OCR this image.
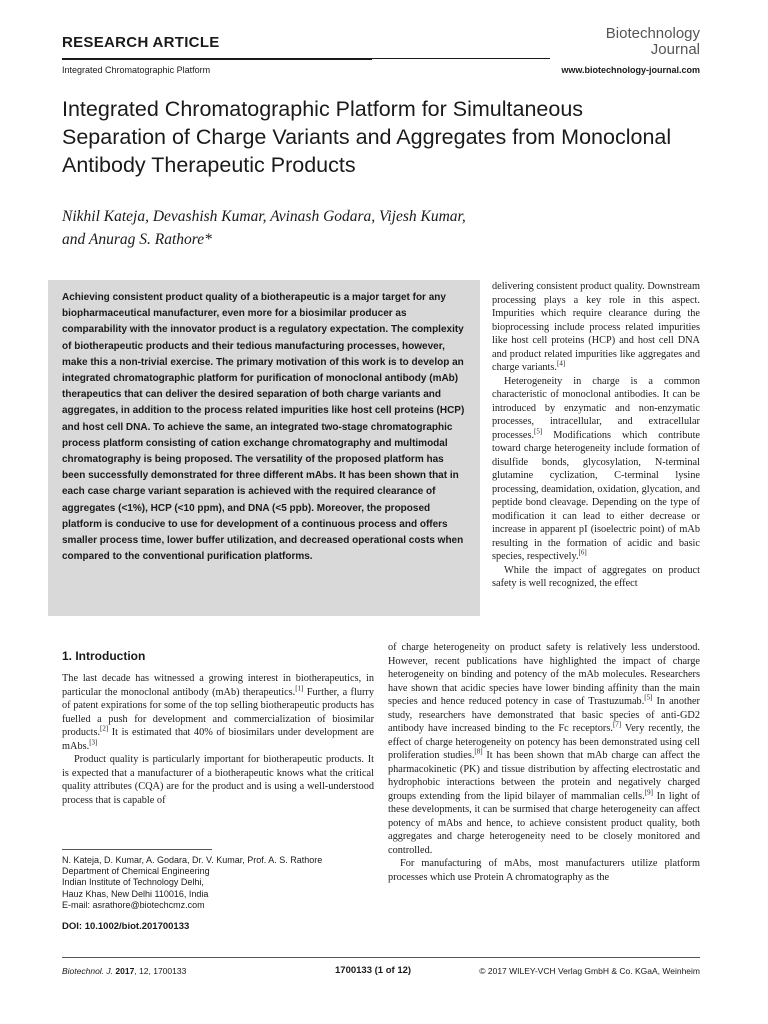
RESEARCH ARTICLE
Integrated Chromatographic Platform
Biotechnology
Journal
www.biotechnology-journal.com
Integrated Chromatographic Platform for Simultaneous Separation of Charge Variants and Aggregates from Monoclonal Antibody Therapeutic Products
Nikhil Kateja, Devashish Kumar, Avinash Godara, Vijesh Kumar,
and Anurag S. Rathore*
Achieving consistent product quality of a biotherapeutic is a major target for any biopharmaceutical manufacturer, even more for a biosimilar producer as comparability with the innovator product is a regulatory expectation. The complexity of biotherapeutic products and their tedious manufacturing processes, however, make this a non-trivial exercise. The primary motivation of this work is to develop an integrated chromatographic platform for purification of monoclonal antibody (mAb) therapeutics that can deliver the desired separation of both charge variants and aggregates, in addition to the process related impurities like host cell proteins (HCP) and host cell DNA. To achieve the same, an integrated two-stage chromatographic process platform consisting of cation exchange chromatography and multimodal chromatography is being proposed. The versatility of the proposed platform has been successfully demonstrated for three different mAbs. It has been shown that in each case charge variant separation is achieved with the required clearance of aggregates (<1%), HCP (<10 ppm), and DNA (<5 ppb). Moreover, the proposed platform is conducive to use for development of a continuous process and offers smaller process time, lower buffer utilization, and decreased operational costs when compared to the conventional purification platforms.

delivering consistent product quality. Downstream processing plays a key role in this aspect. Impurities which require clearance during the bioprocessing include process related impurities like host cell proteins (HCP) and host cell DNA and product related impurities like aggregates and charge variants.[4]

Heterogeneity in charge is a common characteristic of monoclonal antibodies. It can be introduced by enzymatic and non-enzymatic processes, intracellular, and extracellular processes.[5] Modifications which contribute toward charge heterogeneity include formation of disulfide bonds, glycosylation, N-terminal glutamine cyclization, C-terminal lysine processing, deamidation, oxidation, glycation, and peptide bond cleavage. Depending on the type of modification it can lead to either decrease or increase in apparent pI (isoelectric point) of mAb resulting in the formation of acidic and basic species, respectively.[6]

While the impact of aggregates on product safety is well recognized, the effect

1. Introduction

The last decade has witnessed a growing interest in biotherapeutics, in particular the monoclonal antibody (mAb) therapeutics.[1] Further, a flurry of patent expirations for some of the top selling biotherapeutic products has fuelled a push for development and commercialization of biosimilar products.[2] It is estimated that 40% of biosimilars under development are mAbs.[3]

Product quality is particularly important for biotherapeutic products. It is expected that a manufacturer of a biotherapeutic knows what the critical quality attributes (CQA) are for the product and is using a well-understood process that is capable of

of charge heterogeneity on product safety is relatively less understood. However, recent publications have highlighted the impact of charge heterogeneity on binding and potency of the mAb molecules. Researchers have shown that acidic species have lower binding affinity than the main species and hence reduced potency in case of Trastuzumab.[5] In another study, researchers have demonstrated that basic species of anti-GD2 antibody have increased binding to the Fc receptors.[7] Very recently, the effect of charge heterogeneity on potency has been demonstrated using cell proliferation studies.[8] It has been shown that mAb charge can affect the pharmacokinetic (PK) and tissue distribution by affecting electrostatic and hydrophobic interactions between the protein and negatively charged groups extending from the lipid bilayer of mammalian cells.[9] In light of these developments, it can be surmised that charge heterogeneity can affect potency of mAbs and hence, to achieve consistent product quality, both aggregates and charge heterogeneity need to be closely monitored and controlled.

For manufacturing of mAbs, most manufacturers utilize platform processes which use Protein A chromatography as the

N. Kateja, D. Kumar, A. Godara, Dr. V. Kumar, Prof. A. S. Rathore
Department of Chemical Engineering
Indian Institute of Technology Delhi,
Hauz Khas, New Delhi 110016, India
E-mail: asrathore@biotechcmz.com
DOI: 10.1002/biot.201700133
Biotechnol. J. 2017, 12, 1700133	1700133 (1 of 12)	© 2017 WILEY-VCH Verlag GmbH & Co. KGaA, Weinheim
